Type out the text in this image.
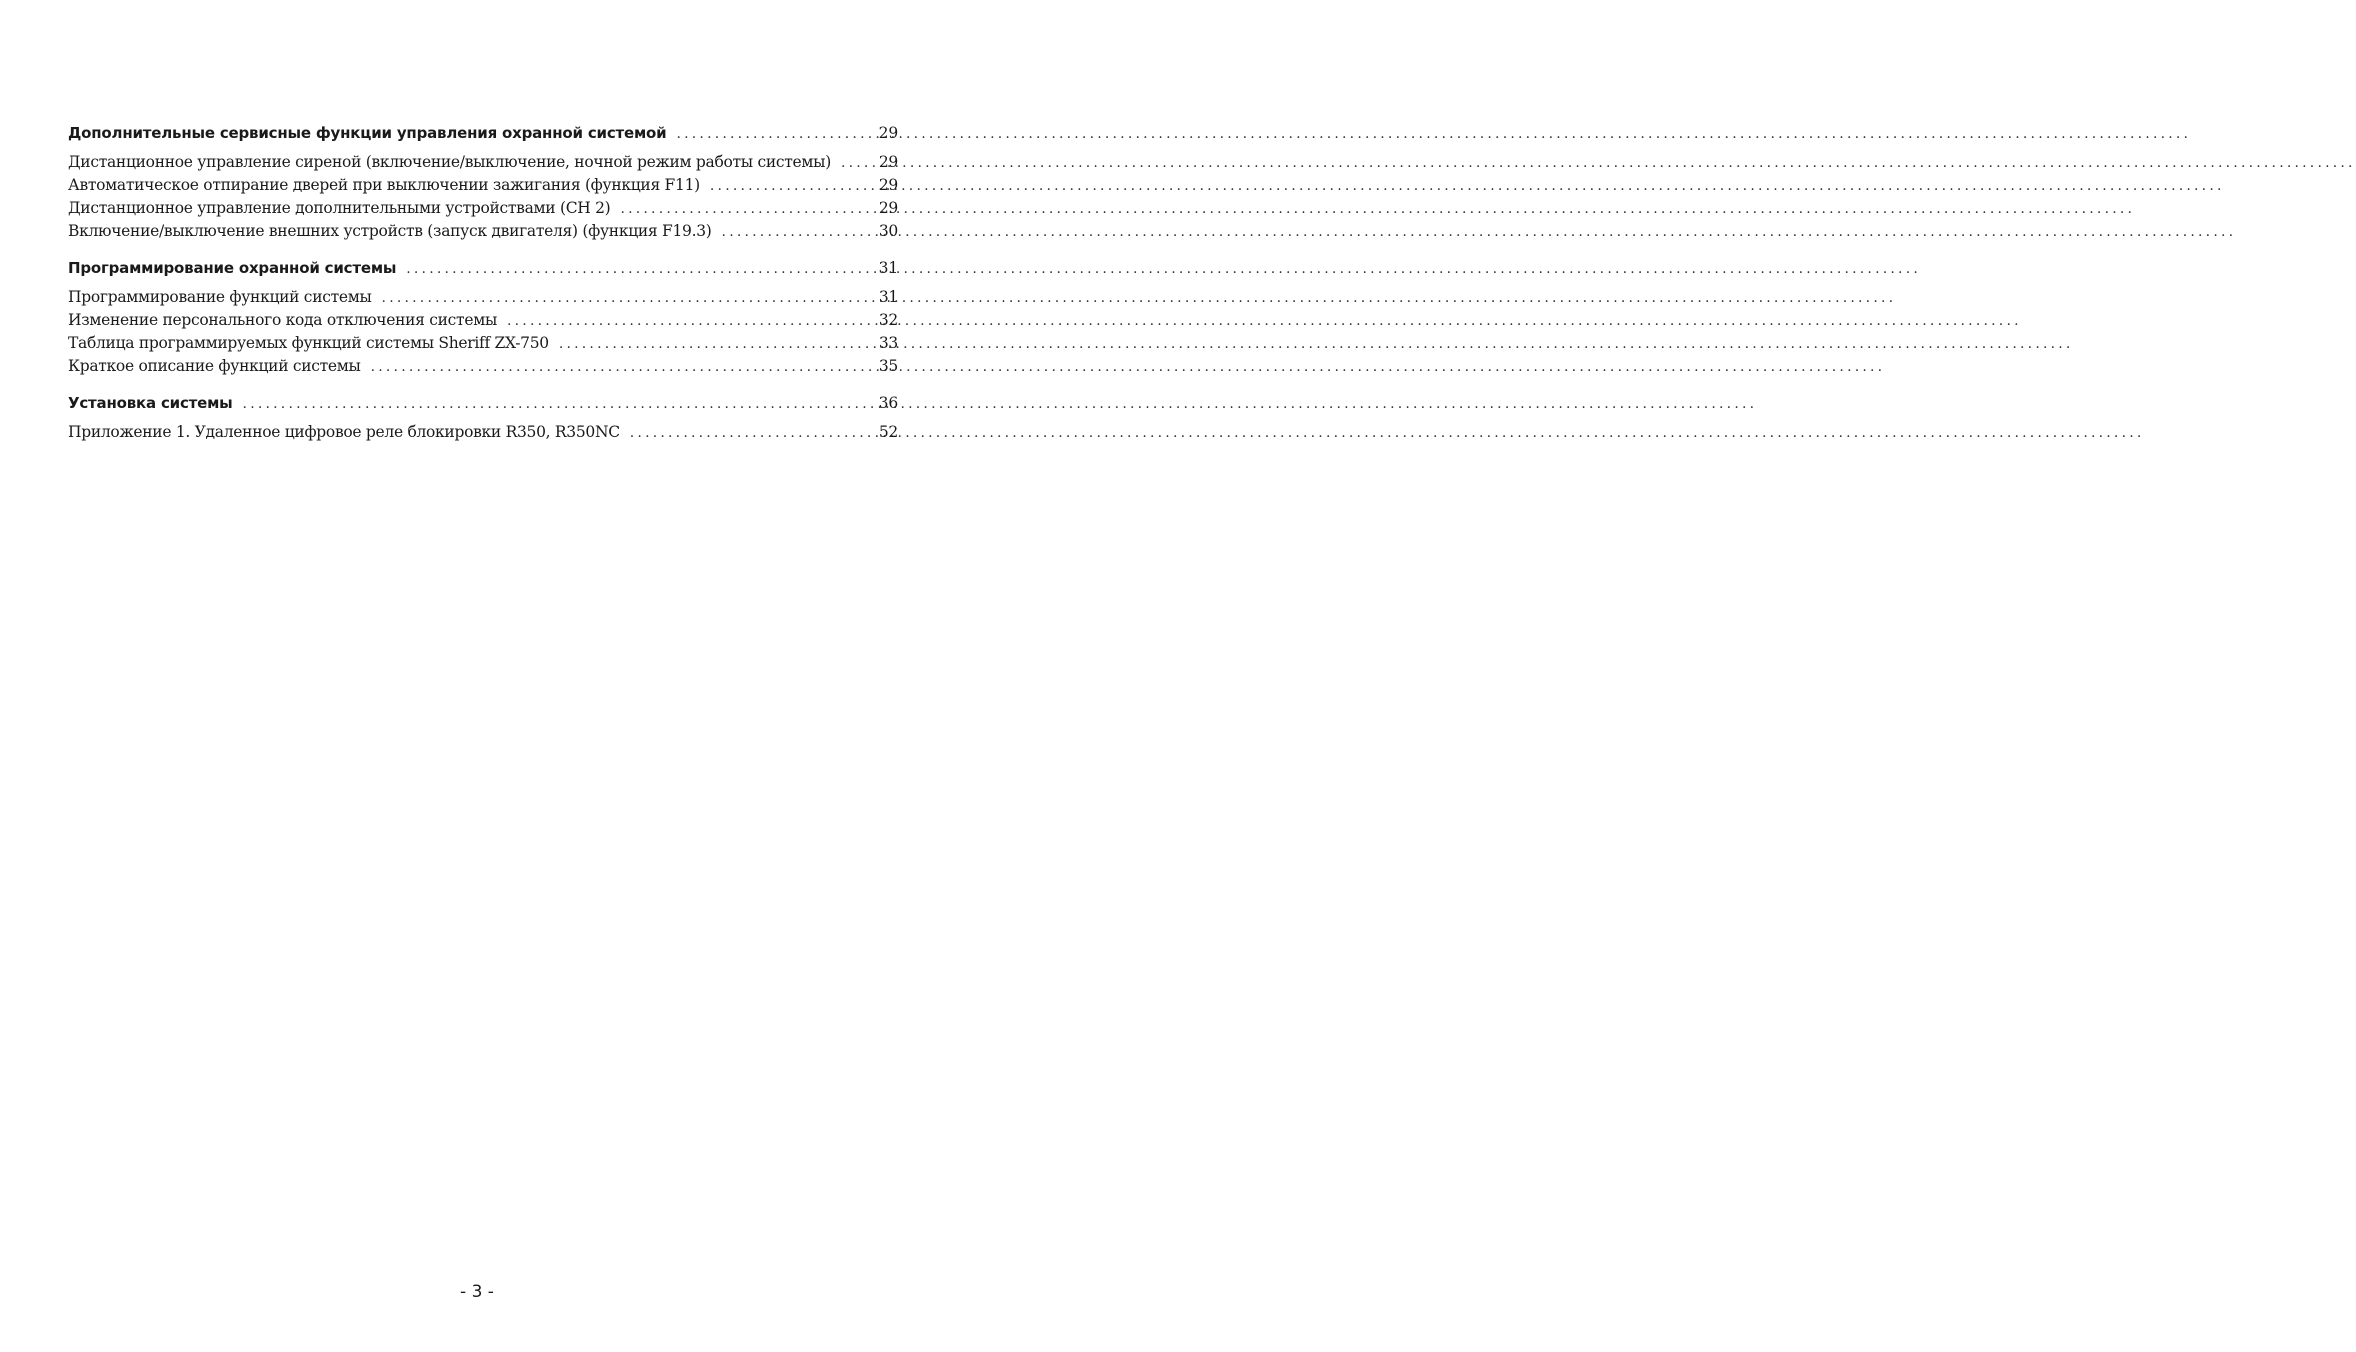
Дополнительные сервисные функции управления охранной системой .....	29
Дистанционное управление сиреной (включение/выключение, ночной режим работы системы) .....	29
Автоматическое отпирание дверей при выключении зажигания (функция F11) .....	29
Дистанционное управление дополнительными устройствами (CH 2) .....	29
Включение/выключение внешних устройств (запуск двигателя) (функция F19.3) .....	30
Программирование охранной системы .....	31
Программирование функций системы .....	31
Изменение персонального кода отключения системы .....	32
Таблица программируемых функций системы Sheriff ZX-750 .....	33
Краткое описание функций системы .....	35
Установка системы .....	36
Приложение 1. Удаленное цифровое реле блокировки R350, R350NC .....	52
- 3 -
